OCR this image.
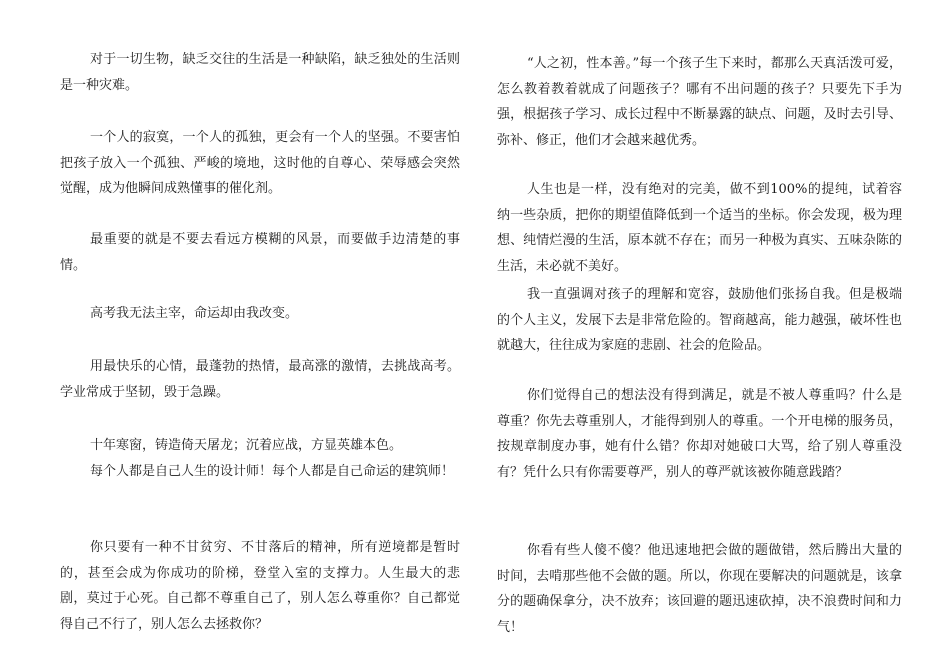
对于一切生物，缺乏交往的生活是一种缺陷，缺乏独处的生活则是一种灾难。

一个人的寂寞，一个人的孤独，更会有一个人的坚强。不要害怕把孩子放入一个孤独、严峻的境地，这时他的自尊心、荣辱感会突然觉醒，成为他瞬间成熟懂事的催化剂。

最重要的就是不要去看远方模糊的风景，而要做手边清楚的事情。

高考我无法主宰，命运却由我改变。

用最快乐的心情，最蓬勃的热情，最高涨的激情，去挑战高考。学业常成于坚韧，毁于急躁。

十年寒窗，铸造倚天屠龙；沉着应战，方显英雄本色。

每个人都是自己人生的设计师！每个人都是自己命运的建筑师！

你只要有一种不甘贫穷、不甘落后的精神，所有逆境都是暂时的，甚至会成为你成功的阶梯，登堂入室的支撑力。人生最大的悲剧，莫过于心死。自己都不尊重自己了，别人怎么尊重你？自己都觉得自己不行了，别人怎么去拯救你？

“人之初，性本善。”每一个孩子生下来时，都那么天真活泼可爱，怎么教着教着就成了问题孩子？哪有不出问题的孩子？只要先下手为强，根据孩子学习、成长过程中不断暴露的缺点、问题，及时去引导、弥补、修正，他们才会越来越优秀。

人生也是一样，没有绝对的完美，做不到100%的提纯，试着容纳一些杂质，把你的期望值降低到一个适当的坐标。你会发现，极为理想、纯情烂漫的生活，原本就不存在；而另一种极为真实、五味杂陈的生活，未必就不美好。

我一直强调对孩子的理解和宽容，鼓励他们张扬自我。但是极端的个人主义，发展下去是非常危险的。智商越高，能力越强，破坏性也就越大，往往成为家庭的悲剧、社会的危险品。

你们觉得自己的想法没有得到满足，就是不被人尊重吗？什么是尊重？你先去尊重别人，才能得到别人的尊重。一个开电梯的服务员，按规章制度办事，她有什么错？你却对她破口大骂，给了别人尊重没有？凭什么只有你需要尊严，别人的尊严就该被你随意践踏？

你看有些人傻不傻？他迅速地把会做的题做错，然后腾出大量的时间，去啃那些他不会做的题。所以，你现在要解决的问题就是，该拿分的题确保拿分，决不放弃；该回避的题迅速砍掉，决不浪费时间和力气！
